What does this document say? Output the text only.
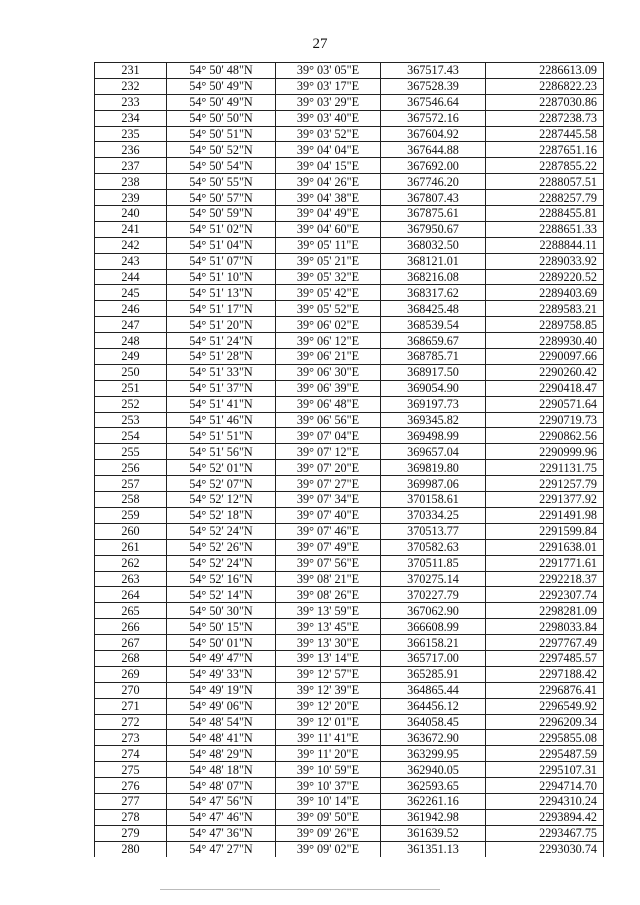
27
231	54° 50' 48"N	39° 03' 05"E	367517.43	2286613.09
232	54° 50' 49"N	39° 03' 17"E	367528.39	2286822.23
233	54° 50' 49"N	39° 03' 29"E	367546.64	2287030.86
234	54° 50' 50"N	39° 03' 40"E	367572.16	2287238.73
235	54° 50' 51"N	39° 03' 52"E	367604.92	2287445.58
236	54° 50' 52"N	39° 04' 04"E	367644.88	2287651.16
237	54° 50' 54"N	39° 04' 15"E	367692.00	2287855.22
238	54° 50' 55"N	39° 04' 26"E	367746.20	2288057.51
239	54° 50' 57"N	39° 04' 38"E	367807.43	2288257.79
240	54° 50' 59"N	39° 04' 49"E	367875.61	2288455.81
241	54° 51' 02"N	39° 04' 60"E	367950.67	2288651.33
242	54° 51' 04"N	39° 05' 11"E	368032.50	2288844.11
243	54° 51' 07"N	39° 05' 21"E	368121.01	2289033.92
244	54° 51' 10"N	39° 05' 32"E	368216.08	2289220.52
245	54° 51' 13"N	39° 05' 42"E	368317.62	2289403.69
246	54° 51' 17"N	39° 05' 52"E	368425.48	2289583.21
247	54° 51' 20"N	39° 06' 02"E	368539.54	2289758.85
248	54° 51' 24"N	39° 06' 12"E	368659.67	2289930.40
249	54° 51' 28"N	39° 06' 21"E	368785.71	2290097.66
250	54° 51' 33"N	39° 06' 30"E	368917.50	2290260.42
251	54° 51' 37"N	39° 06' 39"E	369054.90	2290418.47
252	54° 51' 41"N	39° 06' 48"E	369197.73	2290571.64
253	54° 51' 46"N	39° 06' 56"E	369345.82	2290719.73
254	54° 51' 51"N	39° 07' 04"E	369498.99	2290862.56
255	54° 51' 56"N	39° 07' 12"E	369657.04	2290999.96
256	54° 52' 01"N	39° 07' 20"E	369819.80	2291131.75
257	54° 52' 07"N	39° 07' 27"E	369987.06	2291257.79
258	54° 52' 12"N	39° 07' 34"E	370158.61	2291377.92
259	54° 52' 18"N	39° 07' 40"E	370334.25	2291491.98
260	54° 52' 24"N	39° 07' 46"E	370513.77	2291599.84
261	54° 52' 26"N	39° 07' 49"E	370582.63	2291638.01
262	54° 52' 24"N	39° 07' 56"E	370511.85	2291771.61
263	54° 52' 16"N	39° 08' 21"E	370275.14	2292218.37
264	54° 52' 14"N	39° 08' 26"E	370227.79	2292307.74
265	54° 50' 30"N	39° 13' 59"E	367062.90	2298281.09
266	54° 50' 15"N	39° 13' 45"E	366608.99	2298033.84
267	54° 50' 01"N	39° 13' 30"E	366158.21	2297767.49
268	54° 49' 47"N	39° 13' 14"E	365717.00	2297485.57
269	54° 49' 33"N	39° 12' 57"E	365285.91	2297188.42
270	54° 49' 19"N	39° 12' 39"E	364865.44	2296876.41
271	54° 49' 06"N	39° 12' 20"E	364456.12	2296549.92
272	54° 48' 54"N	39° 12' 01"E	364058.45	2296209.34
273	54° 48' 41"N	39° 11' 41"E	363672.90	2295855.08
274	54° 48' 29"N	39° 11' 20"E	363299.95	2295487.59
275	54° 48' 18"N	39° 10' 59"E	362940.05	2295107.31
276	54° 48' 07"N	39° 10' 37"E	362593.65	2294714.70
277	54° 47' 56"N	39° 10' 14"E	362261.16	2294310.24
278	54° 47' 46"N	39° 09' 50"E	361942.98	2293894.42
279	54° 47' 36"N	39° 09' 26"E	361639.52	2293467.75
280	54° 47' 27"N	39° 09' 02"E	361351.13	2293030.74
